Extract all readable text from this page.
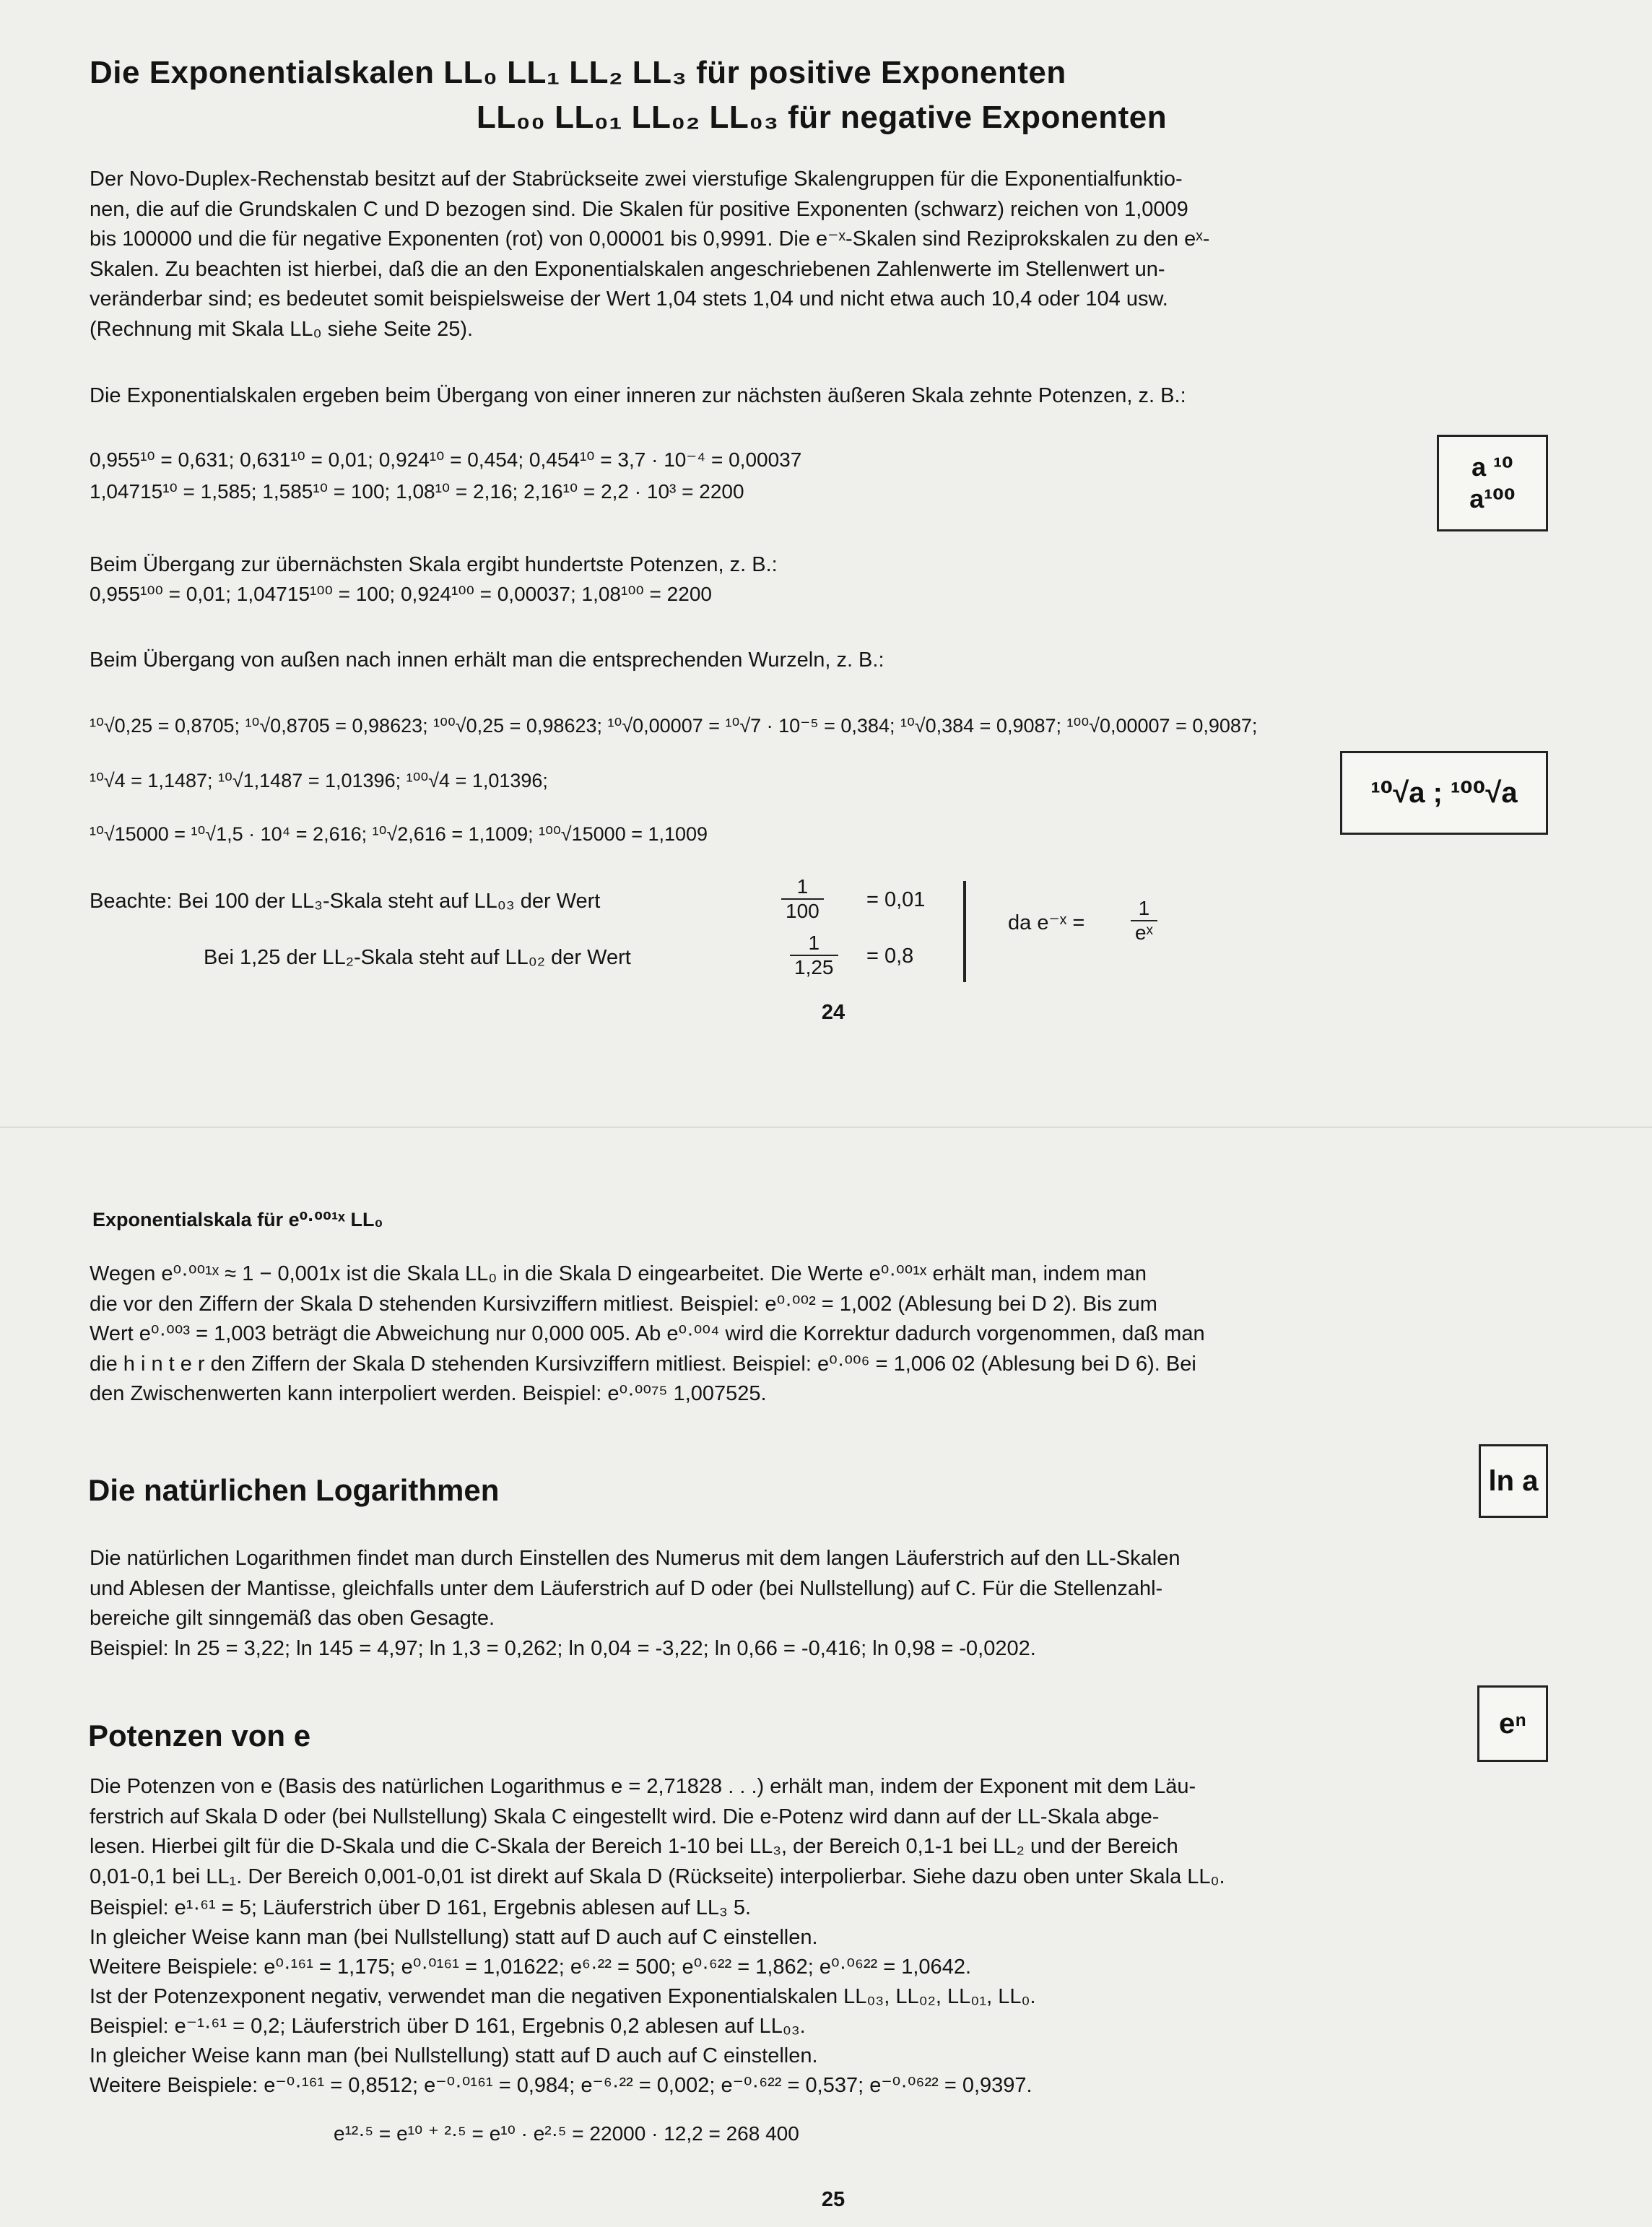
Die Exponentialskalen LL₀ LL₁ LL₂ LL₃ für positive Exponenten
LL₀₀ LL₀₁ LL₀₂ LL₀₃ für negative Exponenten
Der Novo-Duplex-Rechenstab besitzt auf der Stabrückseite zwei vierstufige Skalengruppen für die Exponentialfunktio-
nen, die auf die Grundskalen C und D bezogen sind. Die Skalen für positive Exponenten (schwarz) reichen von 1,0009
bis 100000 und die für negative Exponenten (rot) von 0,00001 bis 0,9991. Die e⁻ˣ-Skalen sind Reziprokskalen zu den eˣ-
Skalen. Zu beachten ist hierbei, daß die an den Exponentialskalen angeschriebenen Zahlenwerte im Stellenwert un-
veränderbar sind; es bedeutet somit beispielsweise der Wert 1,04 stets 1,04 und nicht etwa auch 10,4 oder 104 usw.
(Rechnung mit Skala LL₀ siehe Seite 25).
Die Exponentialskalen ergeben beim Übergang von einer inneren zur nächsten äußeren Skala zehnte Potenzen, z. B.:
0,955¹⁰ = 0,631; 0,631¹⁰ = 0,01; 0,924¹⁰ = 0,454; 0,454¹⁰ = 3,7 · 10⁻⁴ = 0,00037
1,04715¹⁰ = 1,585; 1,585¹⁰ = 100; 1,08¹⁰ = 2,16; 2,16¹⁰ = 2,2 · 10³ = 2200
a ¹⁰
a¹⁰⁰
Beim Übergang zur übernächsten Skala ergibt hundertste Potenzen, z. B.:
0,955¹⁰⁰ = 0,01; 1,04715¹⁰⁰ = 100; 0,924¹⁰⁰ = 0,00037; 1,08¹⁰⁰ = 2200
Beim Übergang von außen nach innen erhält man die entsprechenden Wurzeln, z. B.:
¹⁰√0,25 = 0,8705; ¹⁰√0,8705 = 0,98623; ¹⁰⁰√0,25 = 0,98623; ¹⁰√0,00007 = ¹⁰√7 · 10⁻⁵ = 0,384; ¹⁰√0,384 = 0,9087; ¹⁰⁰√0,00007 = 0,9087;
¹⁰√4 = 1,1487; ¹⁰√1,1487 = 1,01396; ¹⁰⁰√4 = 1,01396;
¹⁰√15000 = ¹⁰√1,5 · 10⁴ = 2,616; ¹⁰√2,616 = 1,1009; ¹⁰⁰√15000 = 1,1009
¹⁰√a ; ¹⁰⁰√a
Beachte: Bei 100 der LL₃-Skala steht auf LL₀₃ der Wert	$\frac{1}{100} = 0,01$
Bei 1,25 der LL₂-Skala steht auf LL₀₂ der Wert	$\frac{1}{1,25} = 0,8$
da e⁻ˣ = $\frac{1}{\text{eˣ}}$
24
Exponentialskala für e⁰·⁰⁰¹ˣ LL₀
Wegen e⁰·⁰⁰¹ˣ ≈ 1 − 0,001x ist die Skala LL₀ in die Skala D eingearbeitet. Die Werte e⁰·⁰⁰¹ˣ erhält man, indem man
die vor den Ziffern der Skala D stehenden Kursivziffern mitliest. Beispiel: e⁰·⁰⁰² = 1,002 (Ablesung bei D 2). Bis zum
Wert e⁰·⁰⁰³ = 1,003 beträgt die Abweichung nur 0,000 005. Ab e⁰·⁰⁰⁴ wird die Korrektur dadurch vorgenommen, daß man
die h i n t e r den Ziffern der Skala D stehenden Kursivziffern mitliest. Beispiel: e⁰·⁰⁰⁶ = 1,006 02 (Ablesung bei D 6). Bei
den Zwischenwerten kann interpoliert werden. Beispiel: e⁰·⁰⁰⁷⁵ 1,007525.
Die natürlichen Logarithmen	ln a
Die natürlichen Logarithmen findet man durch Einstellen des Numerus mit dem langen Läuferstrich auf den LL-Skalen
und Ablesen der Mantisse, gleichfalls unter dem Läuferstrich auf D oder (bei Nullstellung) auf C. Für die Stellenzahl-
bereiche gilt sinngemäß das oben Gesagte.
Beispiel: ln 25 = 3,22; ln 145 = 4,97; ln 1,3 = 0,262; ln 0,04 = -3,22; ln 0,66 = -0,416; ln 0,98 = -0,0202.
Potenzen von e	eⁿ
Die Potenzen von e (Basis des natürlichen Logarithmus e = 2,71828 . . .) erhält man, indem der Exponent mit dem Läu-
ferstrich auf Skala D oder (bei Nullstellung) Skala C eingestellt wird. Die e-Potenz wird dann auf der LL-Skala abge-
lesen. Hierbei gilt für die D-Skala und die C-Skala der Bereich 1-10 bei LL₃, der Bereich 0,1-1 bei LL₂ und der Bereich
0,01-0,1 bei LL₁. Der Bereich 0,001-0,01 ist direkt auf Skala D (Rückseite) interpolierbar. Siehe dazu oben unter Skala LL₀.
Beispiel: e¹·⁶¹ = 5; Läuferstrich über D 161, Ergebnis ablesen auf LL₃ 5.
In gleicher Weise kann man (bei Nullstellung) statt auf D auch auf C einstellen.
Weitere Beispiele: e⁰·¹⁶¹ = 1,175; e⁰·⁰¹⁶¹ = 1,01622; e⁶·²² = 500; e⁰·⁶²² = 1,862; e⁰·⁰⁶²² = 1,0642.
Ist der Potenzexponent negativ, verwendet man die negativen Exponentialskalen LL₀₃, LL₀₂, LL₀₁, LL₀.
Beispiel: e⁻¹·⁶¹ = 0,2; Läuferstrich über D 161, Ergebnis 0,2 ablesen auf LL₀₃.
In gleicher Weise kann man (bei Nullstellung) statt auf D auch auf C einstellen.
Weitere Beispiele: e⁻⁰·¹⁶¹ = 0,8512; e⁻⁰·⁰¹⁶¹ = 0,984; e⁻⁶·²² = 0,002; e⁻⁰·⁶²² = 0,537; e⁻⁰·⁰⁶²² = 0,9397.
e¹²·⁵ = e¹⁰ ⁺ ²·⁵ = e¹⁰ · e²·⁵ = 22000 · 12,2 = 268 400
25
